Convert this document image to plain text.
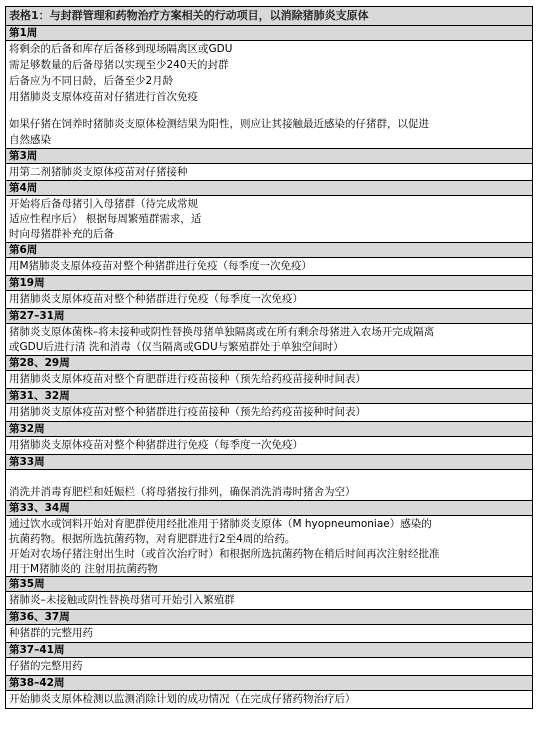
表格1：与封群管理和药物治疗方案相关的行动项目，以消除猪肺炎支原体
第1周
将剩余的后备和库存后备移到现场隔离区或GDU
需足够数量的后备母猪以实现至少240天的封群
后备应为不同日龄，后备至少2月龄
用猪肺炎支原体疫苗对仔猪进行首次免疫
如果仔猪在饲养时猪肺炎支原体检测结果为阳性，则应让其接触最近感染的仔猪群，以促进
自然感染
第3周
用第二剂猪肺炎支原体疫苗对仔猪接种
第4周
开始将后备母猪引入母猪群（待完成常规
适应性程序后） 根据每周繁殖群需求，适
时向母猪群补充的后备
第6周
用M猪肺炎支原体疫苗对整个种猪群进行免疫（每季度一次免疫）
第19周
用猪肺炎支原体疫苗对整个种猪群进行免疫（每季度一次免疫）
第27–31周
猪肺炎支原体菌株–将未接种或阴性替换母猪单独隔离或在所有剩余母猪进入农场开完成隔离
或GDU后进行清 洗和消毒（仅当隔离或GDU与繁殖群处于单独空间时）
第28、29周
用猪肺炎支原体疫苗对整个育肥群进行疫苗接种（预先给药疫苗接种时间表）
第31、32周
用猪肺炎支原体疫苗对整个种猪群进行疫苗接种（预先给药疫苗接种时间表）
第32周
用猪肺炎支原体疫苗对整个种猪群进行免疫（每季度一次免疫）
第33周
消洗并消毒育肥栏和妊娠栏（将母猪按行排列，确保消洗消毒时猪舍为空）
第33、34周
通过饮水或饲料开始对育肥群使用经批准用于猪肺炎支原体（M hyopneumoniae）感染的
抗菌药物。根据所选抗菌药物，对育肥群进行2至4周的给药。
开始对农场仔猪注射出生时（或首次治疗时）和根据所选抗菌药物在稍后时间再次注射经批准
用于M猪肺炎的 注射用抗菌药物
第35周
猪肺炎–未接触或阴性替换母猪可开始引入繁殖群
第36、37周
种猪群的完整用药
第37–41周
仔猪的完整用药
第38–42周
开始肺炎支原体检测以监测消除计划的成功情况（在完成仔猪药物治疗后）
